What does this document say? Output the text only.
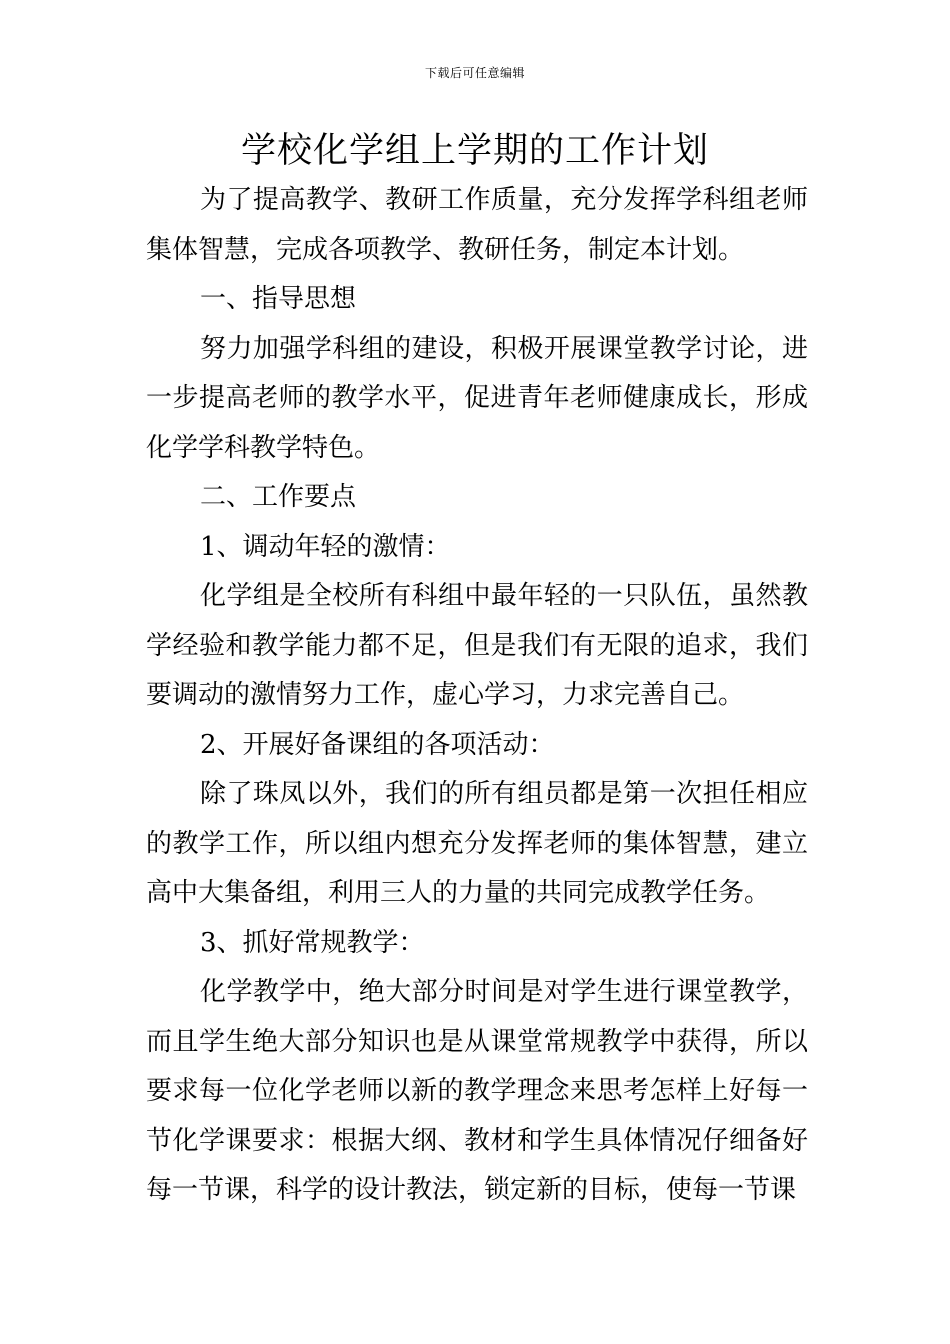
下载后可任意编辑
学校化学组上学期的工作计划

为了提高教学、教研工作质量，充分发挥学科组老师集体智慧，完成各项教学、教研任务，制定本计划。

一、指导思想

努力加强学科组的建设，积极开展课堂教学讨论，进一步提高老师的教学水平，促进青年老师健康成长，形成化学学科教学特色。

二、工作要点

1、调动年轻的激情：

化学组是全校所有科组中最年轻的一只队伍，虽然教学经验和教学能力都不足，但是我们有无限的追求，我们要调动的激情努力工作，虚心学习，力求完善自己。

2、开展好备课组的各项活动：

除了珠凤以外，我们的所有组员都是第一次担任相应的教学工作，所以组内想充分发挥老师的集体智慧，建立高中大集备组，利用三人的力量的共同完成教学任务。

3、抓好常规教学：

化学教学中，绝大部分时间是对学生进行课堂教学，而且学生绝大部分知识也是从课堂常规教学中获得，所以要求每一位化学老师以新的教学理念来思考怎样上好每一节化学课要求：根据大纲、教材和学生具体情况仔细备好每一节课，科学的设计教法，锁定新的目标，使每一节课
